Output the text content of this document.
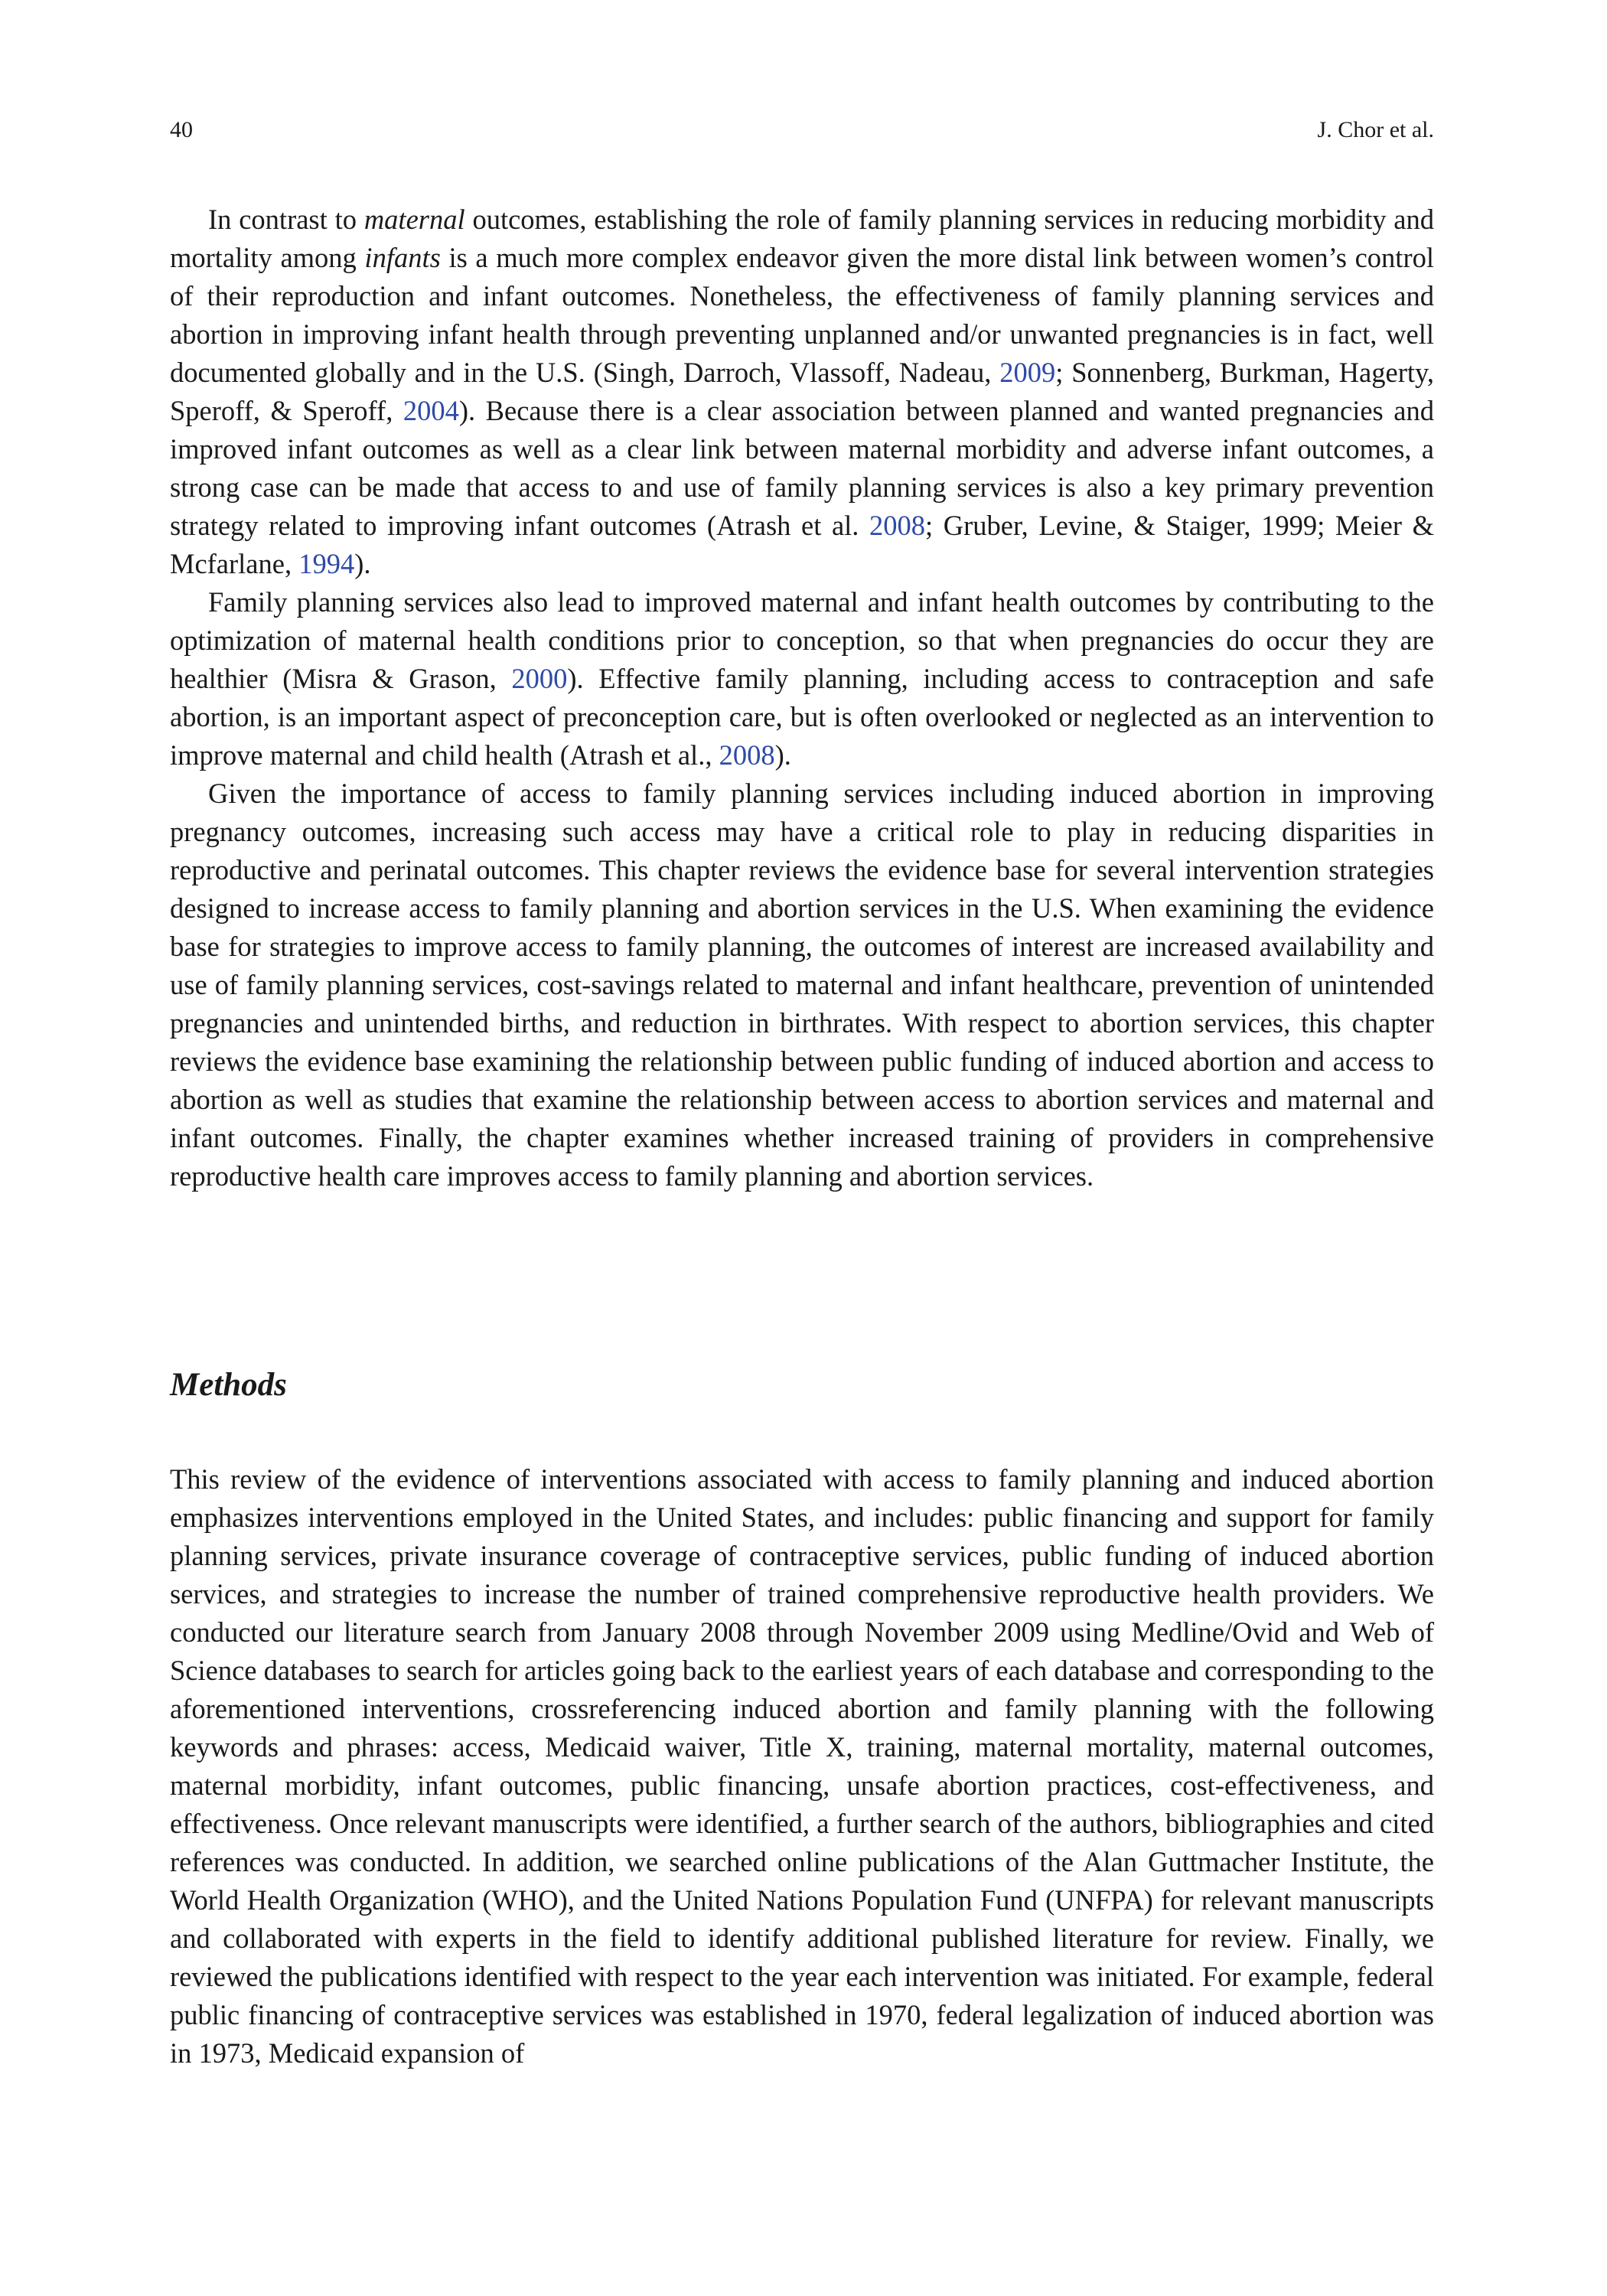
40	J. Chor et al.

In contrast to maternal outcomes, establishing the role of family planning services in reducing morbidity and mortality among infants is a much more complex endeavor given the more distal link between women’s control of their reproduction and infant outcomes. Nonetheless, the effectiveness of family planning services and abortion in improving infant health through preventing unplanned and/or unwanted pregnancies is in fact, well documented globally and in the U.S. (Singh, Darroch, Vlassoff, Nadeau, 2009; Sonnenberg, Burkman, Hagerty, Speroff, & Speroff, 2004). Because there is a clear association between planned and wanted pregnancies and improved infant outcomes as well as a clear link between maternal morbidity and adverse infant outcomes, a strong case can be made that access to and use of family planning services is also a key primary prevention strategy related to improving infant outcomes (Atrash et al. 2008; Gruber, Levine, & Staiger, 1999; Meier & Mcfarlane, 1994).

Family planning services also lead to improved maternal and infant health outcomes by contributing to the optimization of maternal health conditions prior to conception, so that when pregnancies do occur they are healthier (Misra & Grason, 2000). Effective family planning, including access to contraception and safe abortion, is an important aspect of preconception care, but is often overlooked or neglected as an intervention to improve maternal and child health (Atrash et al., 2008).

Given the importance of access to family planning services including induced abortion in improving pregnancy outcomes, increasing such access may have a critical role to play in reducing disparities in reproductive and perinatal outcomes. This chapter reviews the evidence base for several intervention strategies designed to increase access to family planning and abortion services in the U.S. When examining the evidence base for strategies to improve access to family planning, the outcomes of interest are increased availability and use of family planning services, cost-savings related to maternal and infant healthcare, prevention of unintended pregnancies and unintended births, and reduction in birthrates. With respect to abortion services, this chapter reviews the evidence base examining the relationship between public funding of induced abortion and access to abortion as well as studies that examine the relationship between access to abortion services and maternal and infant outcomes. Finally, the chapter examines whether increased training of providers in comprehensive reproductive health care improves access to family planning and abortion services.

Methods

This review of the evidence of interventions associated with access to family planning and induced abortion emphasizes interventions employed in the United States, and includes: public financing and support for family planning services, private insurance coverage of contraceptive services, public funding of induced abortion services, and strategies to increase the number of trained comprehensive reproductive health providers. We conducted our literature search from January 2008 through November 2009 using Medline/Ovid and Web of Science databases to search for articles going back to the earliest years of each database and corresponding to the aforementioned interventions, crossreferencing induced abortion and family planning with the following keywords and phrases: access, Medicaid waiver, Title X, training, maternal mortality, maternal outcomes, maternal morbidity, infant outcomes, public financing, unsafe abortion practices, cost-effectiveness, and effectiveness. Once relevant manuscripts were identified, a further search of the authors, bibliographies and cited references was conducted. In addition, we searched online publications of the Alan Guttmacher Institute, the World Health Organization (WHO), and the United Nations Population Fund (UNFPA) for relevant manuscripts and collaborated with experts in the field to identify additional published literature for review. Finally, we reviewed the publications identified with respect to the year each intervention was initiated. For example, federal public financing of contraceptive services was established in 1970, federal legalization of induced abortion was in 1973, Medicaid expansion of
